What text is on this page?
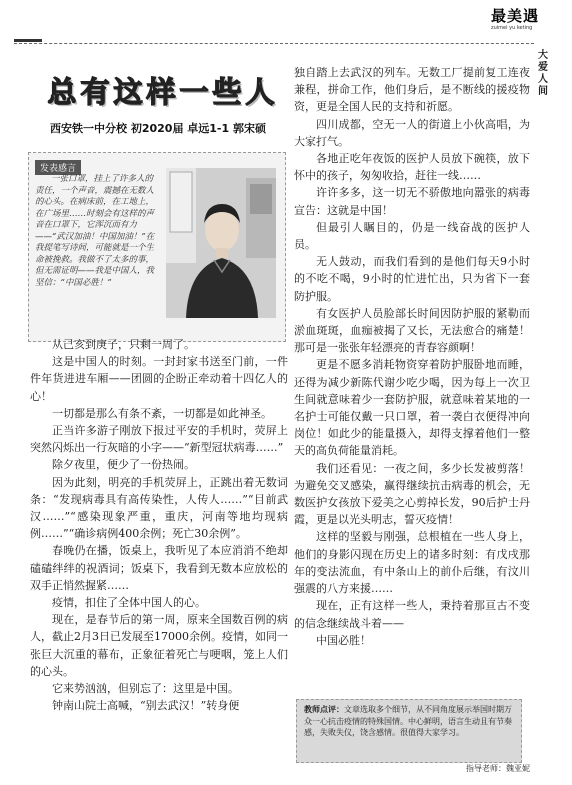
最美遇
zuimei yu keting
大爱人间
总有这样一些人
西安铁一中分校 初2020届 卓远1-1 郭宋硕
发表感言
一张口罩，挂上了许多人的责任，一个声音，震撼在无数人的心头。在病床前，在工地上，在广场里……时刻会有这样的声音在口罩下，它浑沉而有力——“武汉加油！中国加油！”在我提笔写诗间，可能就是一个生命被挽救。我做不了太多的事，但无需证明——我是中国人，我坚信：“中国必胜！”

从己亥到庚子，只剩一周了。

这是中国人的时刻。一封封家书送至门前，一件件年货进进车厢——团圆的企盼正牵动着十四亿人的心！

一切都是那么有条不紊，一切都是如此神圣。

正当许多游子刚放下报过平安的手机时，荧屏上突然闪烁出一行灰暗的小字——“新型冠状病毒……”

除夕夜里，便少了一份热闹。

因为此刻，明亮的手机荧屏上，正跳出着无数词条：“发现病毒具有高传染性，人传人……”“目前武汉……”“感染现象严重，重庆，河南等地均现病例……”“确诊病例400余例；死亡30余例”。

春晚仍在播，饭桌上，我听见了本应消消不绝却磕磕绊绊的祝酒词；饭桌下，我看到无数本应放松的双手正悄然握紧……

疫情，扣住了全体中国人的心。

现在，是春节后的第一周，原来全国数百例的病人，截止2月3日已发展至17000余例。疫情，如同一张巨大沉重的幕布，正象征着死亡与哽咽，笼上人们的心头。

它来势汹汹，但别忘了：这里是中国。

钟南山院士高喊，“别去武汉！”转身便

独自踏上去武汉的列车。无数工厂提前复工连夜兼程，拼命工作，他们身后，是不断线的援疫物资，更是全国人民的支持和祈愿。

四川成都，空无一人的街道上小伙高唱，为大家打气。

各地正吃年夜饭的医护人员放下碗筷，放下怀中的孩子，匆匆收拾，赶往一线……

许许多多，这一切无不骄傲地向嚣张的病毒宣告：这就是中国！

但最引人瞩目的，仍是一线奋战的医护人员。

无人鼓动，而我们看到的是他们每天9小时的不吃不喝，9小时的忙进忙出，只为省下一套防护服。

有女医护人员脸部长时间因防护服的紧勒而淤血斑斑，血痂被揭了又长，无法愈合的痛楚！那可是一张张年轻漂亮的青春容颜啊！

更是不愿多消耗物资穿着防护服卧地而睡，还得为减少新陈代谢少吃少喝，因为每上一次卫生间就意味着少一套防护服，就意味着某地的一名护士可能仅戴一只口罩，着一袭白衣便得冲向岗位！如此少的能量摄入，却得支撑着他们一整天的高负荷能量消耗。

我们还看见：一夜之间，多少长发被剪落！为避免交叉感染，赢得继续抗击病毒的机会，无数医护女孩放下爱美之心剪掉长发，90后护士丹霞，更是以光头明志，誓灭疫情！

这样的坚毅与刚强，总根植在一些人身上，他们的身影闪现在历史上的诸多时刻：有戊戌那年的变法流血，有中条山上的前仆后继，有汶川强震的八方来援……

现在，正有这样一些人，秉持着那亘古不变的信念继续战斗着——

中国必胜！

教师点评：文章选取多个细节，从不同角度展示举国时期万众一心抗击疫情的特殊国情。中心鲜明，语言生动且有节奏感，失败失仪，饶含感情。很值得大家学习。
指导老师：魏亚妮
